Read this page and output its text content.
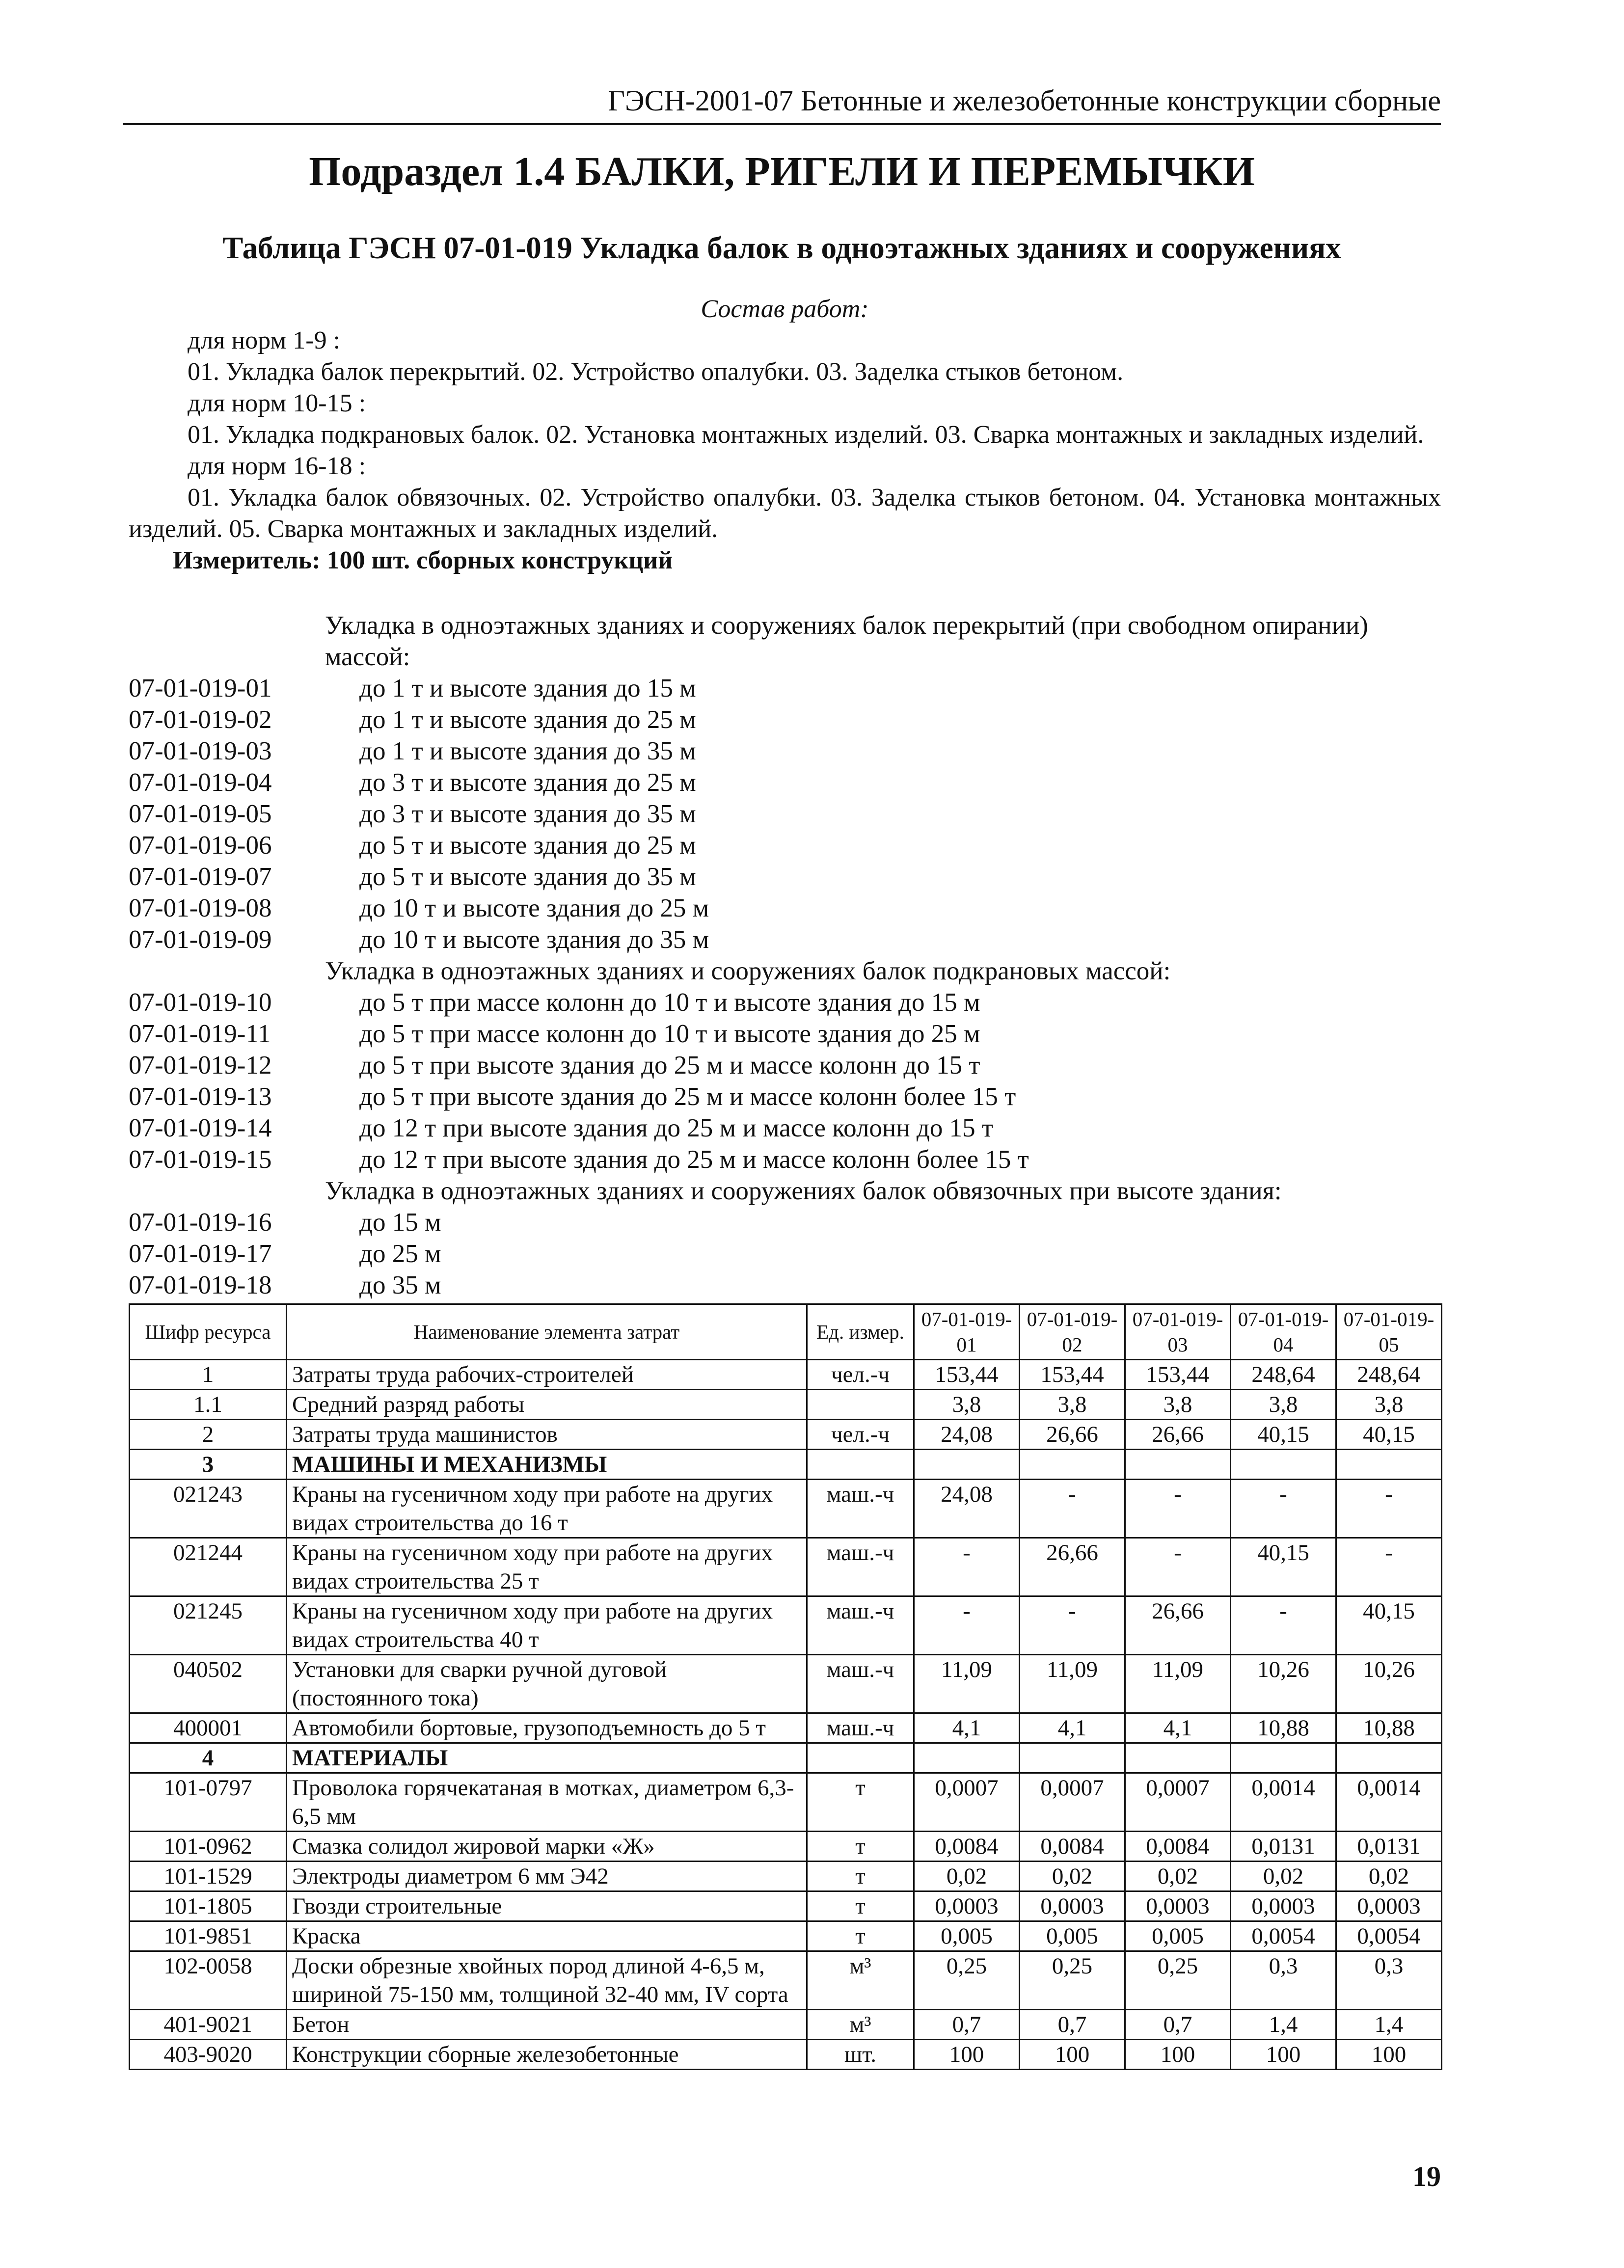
ГЭСН-2001-07 Бетонные и железобетонные конструкции сборные
Подраздел 1.4 БАЛКИ, РИГЕЛИ И ПЕРЕМЫЧКИ
Таблица ГЭСН 07-01-019 Укладка балок в одноэтажных зданиях и сооружениях
Состав работ:
для норм 1-9 :
01. Укладка балок перекрытий. 02. Устройство опалубки. 03. Заделка стыков бетоном.
для норм 10-15 :
01. Укладка подкрановых балок. 02. Установка монтажных изделий. 03. Сварка монтажных и закладных изделий.
для норм 16-18 :
01. Укладка балок обвязочных. 02. Устройство опалубки. 03. Заделка стыков бетоном. 04. Установка монтажных изделий. 05. Сварка монтажных и закладных изделий.
Измеритель: 100 шт. сборных конструкций
Укладка в одноэтажных зданиях и сооружениях балок перекрытий (при свободном опирании) массой:
07-01-019-01	до 1 т и высоте здания до 15 м
07-01-019-02	до 1 т и высоте здания до 25 м
07-01-019-03	до 1 т и высоте здания до 35 м
07-01-019-04	до 3 т и высоте здания до 25 м
07-01-019-05	до 3 т и высоте здания до 35 м
07-01-019-06	до 5 т и высоте здания до 25 м
07-01-019-07	до 5 т и высоте здания до 35 м
07-01-019-08	до 10 т и высоте здания до 25 м
07-01-019-09	до 10 т и высоте здания до 35 м
Укладка в одноэтажных зданиях и сооружениях балок подкрановых массой:
07-01-019-10	до 5 т при массе колонн до 10 т и высоте здания до 15 м
07-01-019-11	до 5 т при массе колонн до 10 т и высоте здания до 25 м
07-01-019-12	до 5 т при высоте здания до 25 м и массе колонн до 15 т
07-01-019-13	до 5 т при высоте здания до 25 м и массе колонн более 15 т
07-01-019-14	до 12 т при высоте здания до 25 м и массе колонн до 15 т
07-01-019-15	до 12 т при высоте здания до 25 м и массе колонн более 15 т
Укладка в одноэтажных зданиях и сооружениях балок обвязочных при высоте здания:
07-01-019-16	до 15 м
07-01-019-17	до 25 м
07-01-019-18	до 35 м
Шифр ресурса	Наименование элемента затрат	Ед. измер.	07-01-019-01	07-01-019-02	07-01-019-03	07-01-019-04	07-01-019-05
1	Затраты труда рабочих-строителей	чел.-ч	153,44	153,44	153,44	248,64	248,64
1.1	Средний разряд работы		3,8	3,8	3,8	3,8	3,8
2	Затраты труда машинистов	чел.-ч	24,08	26,66	26,66	40,15	40,15
3	МАШИНЫ И МЕХАНИЗМЫ						
021243	Краны на гусеничном ходу при работе на других видах строительства до 16 т	маш.-ч	24,08	-	-	-	-
021244	Краны на гусеничном ходу при работе на других видах строительства 25 т	маш.-ч	-	26,66	-	40,15	-
021245	Краны на гусеничном ходу при работе на других видах строительства 40 т	маш.-ч	-	-	26,66	-	40,15
040502	Установки для сварки ручной дуговой (постоянного тока)	маш.-ч	11,09	11,09	11,09	10,26	10,26
400001	Автомобили бортовые, грузоподъемность до 5 т	маш.-ч	4,1	4,1	4,1	10,88	10,88
4	МАТЕРИАЛЫ						
101-0797	Проволока горячекатаная в мотках, диаметром 6,3-6,5 мм	т	0,0007	0,0007	0,0007	0,0014	0,0014
101-0962	Смазка солидол жировой марки «Ж»	т	0,0084	0,0084	0,0084	0,0131	0,0131
101-1529	Электроды диаметром 6 мм Э42	т	0,02	0,02	0,02	0,02	0,02
101-1805	Гвозди строительные	т	0,0003	0,0003	0,0003	0,0003	0,0003
101-9851	Краска	т	0,005	0,005	0,005	0,0054	0,0054
102-0058	Доски обрезные хвойных пород длиной 4-6,5 м, шириной 75-150 мм, толщиной 32-40 мм, IV сорта	м³	0,25	0,25	0,25	0,3	0,3
401-9021	Бетон	м³	0,7	0,7	0,7	1,4	1,4
403-9020	Конструкции сборные железобетонные	шт.	100	100	100	100	100
19
